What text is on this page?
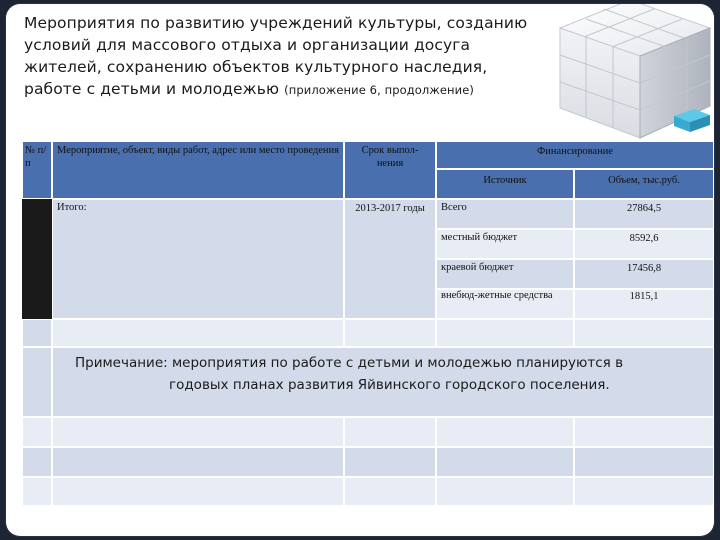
Мероприятия по развитию учреждений культуры, созданию условий для массового отдыха и организации досуга жителей, сохранению объектов культурного наследия, работе с детьми и молодежью (приложение 6, продолжение)
№ п/ п
Мероприятие, объект, виды работ, адрес или место проведения	Срок выпол-нения
Финансирование
Источник	Объем, тыс.руб.
Итого:	2013-2017 годы	Всего	27864,5
местный бюджет	8592,6
краевой бюджет	17456,8
внебюд-жетные средства	1815,1
Примечание: мероприятия по работе с детьми и молодежью планируются в
годовых планах развития Яйвинского городского поселения.
